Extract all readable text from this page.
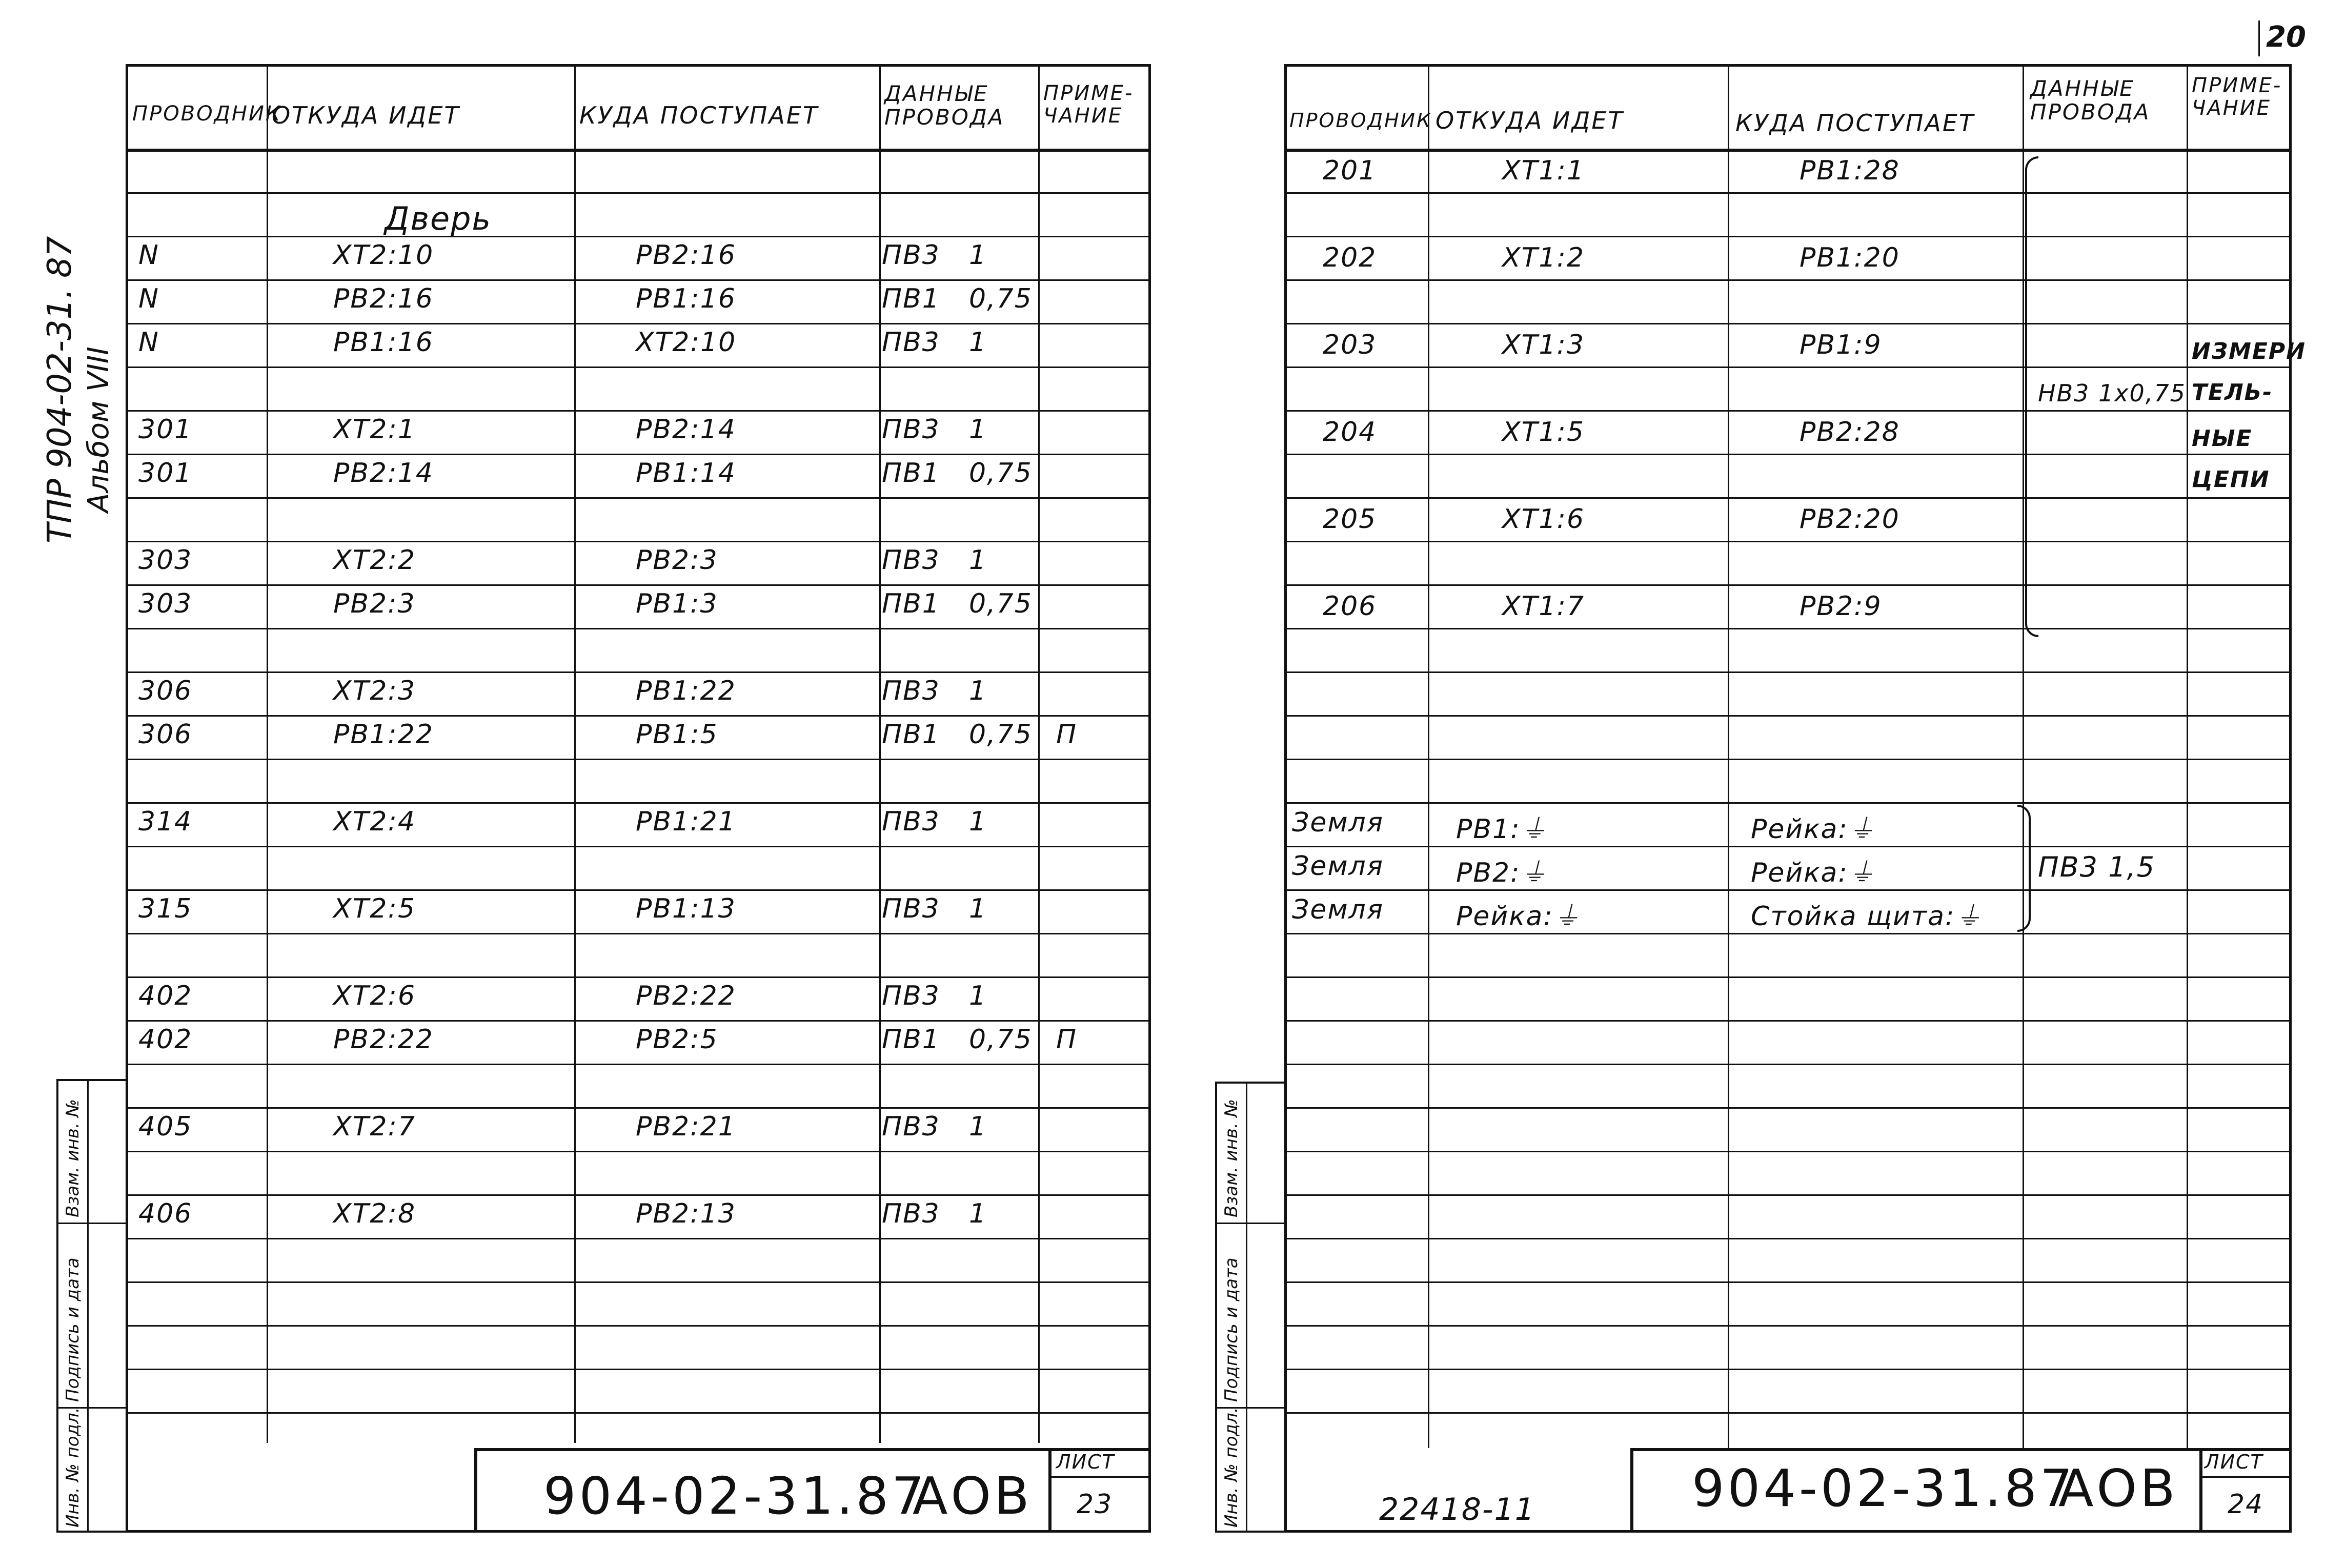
20
ТПР 904-02-31. 87 Альбом VIII
ПРОВОДНИК
ОТКУДА ИДЕТ	КУДА ПОСТУПАЕТ
ДАННЫЕ ПРОВОДА
ПРИМЕ-ЧАНИЕ
Дверь
N	XT2:10	PB2:16	ПВ3 1
N	PB2:16	PB1:16	ПВ1 0,75
N	PB1:16	XT2:10	ПВ3 1
301	XT2:1	PB2:14	ПВ3 1
301	PB2:14	PB1:14	ПВ1 0,75
303	XT2:2	PB2:3	ПВ3 1
303	PB2:3	PB1:3	ПВ1 0,75
306	XT2:3	PB1:22	ПВ3 1
306	PB1:22	PB1:5	ПВ1 0,75 П
314	XT2:4	PB1:21	ПВ3 1
315	XT2:5	PB1:13	ПВ3 1
402	XT2:6	PB2:22	ПВ3 1
402	PB2:22	PB2:5	ПВ1 0,75 П
405	XT2:7	PB2:21	ПВ3 1
406	XT2:8	PB2:13	ПВ3 1
Инв. № подл.
Подпись и дата
Взам. инв. №
904-02-31.87
АОВ
ЛИСТ
23
ПРОВОДНИК ОТКУДА ИДЕТ	КУДА ПОСТУПАЕТ
ДАННЫЕ ПРОВОДА
ПРИМЕ-ЧАНИЕ
201	XT1:1	PB1:28
202	XT1:2	PB1:20
203	XT1:3	PB1:9
204	XT1:5	PB2:28
205	XT1:6	PB2:20
206	XT1:7	PB2:9
Земля	PB1:⏚	Рейка:⏚
Земля	PB2:⏚	Рейка:⏚
Земля	Рейка:⏚	Стойка щита:⏚
НВ3 1х0,75
ИЗМЕРИ
ТЕЛЬ-
НЫЕ
ЦЕПИ
ПВ3 1,5
Инв. № подл.
Подпись и дата
Взам. инв. №
22418-11	904-02-31.87
АОВ ЛИСТ
24
